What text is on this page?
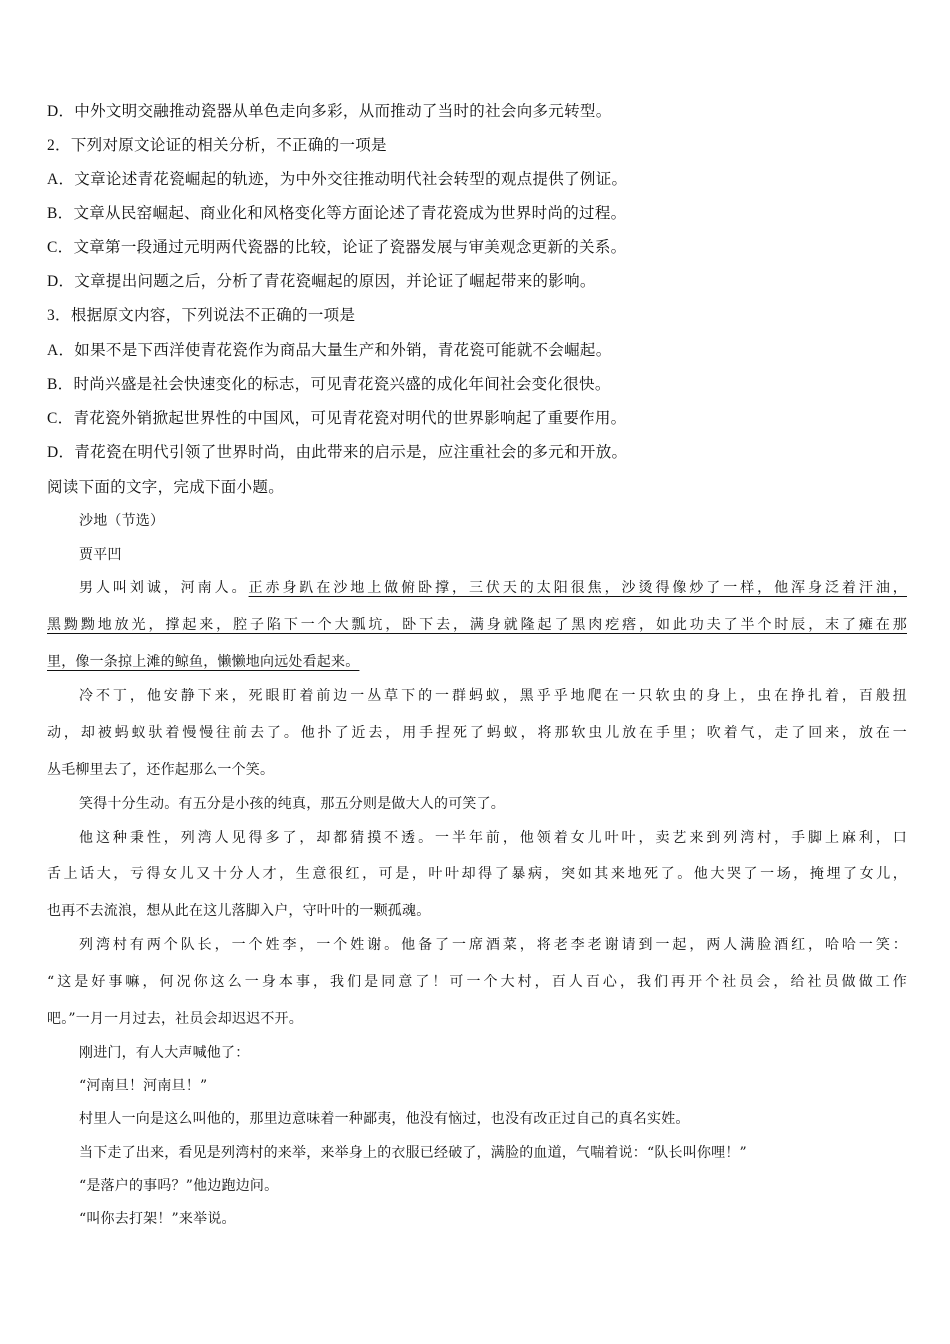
D．中外文明交融推动瓷器从单色走向多彩，从而推动了当时的社会向多元转型。
2．下列对原文论证的相关分析，不正确的一项是
A．文章论述青花瓷崛起的轨迹，为中外交往推动明代社会转型的观点提供了例证。
B．文章从民窑崛起、商业化和风格变化等方面论述了青花瓷成为世界时尚的过程。
C．文章第一段通过元明两代瓷器的比较，论证了瓷器发展与审美观念更新的关系。
D．文章提出问题之后，分析了青花瓷崛起的原因，并论证了崛起带来的影响。
3．根据原文内容，下列说法不正确的一项是
A．如果不是下西洋使青花瓷作为商品大量生产和外销，青花瓷可能就不会崛起。
B．时尚兴盛是社会快速变化的标志，可见青花瓷兴盛的成化年间社会变化很快。
C．青花瓷外销掀起世界性的中国风，可见青花瓷对明代的世界影响起了重要作用。
D．青花瓷在明代引领了世界时尚，由此带来的启示是，应注重社会的多元和开放。
阅读下面的文字，完成下面小题。
沙地（节选）
贾平凹
男人叫刘诚，河南人。正赤身趴在沙地上做俯卧撑，三伏天的太阳很焦，沙烫得像炒了一样，他浑身泛着汗油，
黑黝黝地放光，撑起来，腔子陷下一个大瓢坑，卧下去，满身就隆起了黑肉疙瘩，如此功夫了半个时辰，末了瘫在那
里，像一条掠上滩的鲸鱼，懒懒地向远处看起来。
冷不丁，他安静下来，死眼盯着前边一丛草下的一群蚂蚁，黑乎乎地爬在一只软虫的身上，虫在挣扎着，百般扭
动，却被蚂蚁驮着慢慢往前去了。他扑了近去，用手捏死了蚂蚁，将那软虫儿放在手里；吹着气，走了回来，放在一
丛毛柳里去了，还作起那么一个笑。
笑得十分生动。有五分是小孩的纯真，那五分则是做大人的可笑了。
他这种秉性，列湾人见得多了，却都猜摸不透。一半年前，他领着女儿叶叶，卖艺来到列湾村，手脚上麻利，口
舌上话大，亏得女儿又十分人才，生意很红，可是，叶叶却得了暴病，突如其来地死了。他大哭了一场，掩埋了女儿，
也再不去流浪，想从此在这儿落脚入户，守叶叶的一颗孤魂。
列湾村有两个队长，一个姓李，一个姓谢。他备了一席酒菜，将老李老谢请到一起，两人满脸酒红，哈哈一笑：
“这是好事嘛，何况你这么一身本事，我们是同意了！可一个大村，百人百心，我们再开个社员会，给社员做做工作
吧。”一月一月过去，社员会却迟迟不开。
刚进门，有人大声喊他了：
“河南旦！河南旦！”
村里人一向是这么叫他的，那里边意味着一种鄙夷，他没有恼过，也没有改正过自己的真名实姓。
当下走了出来，看见是列湾村的来举，来举身上的衣服已经破了，满脸的血道，气喘着说：“队长叫你哩！”
“是落户的事吗？”他边跑边问。
“叫你去打架！”来举说。
